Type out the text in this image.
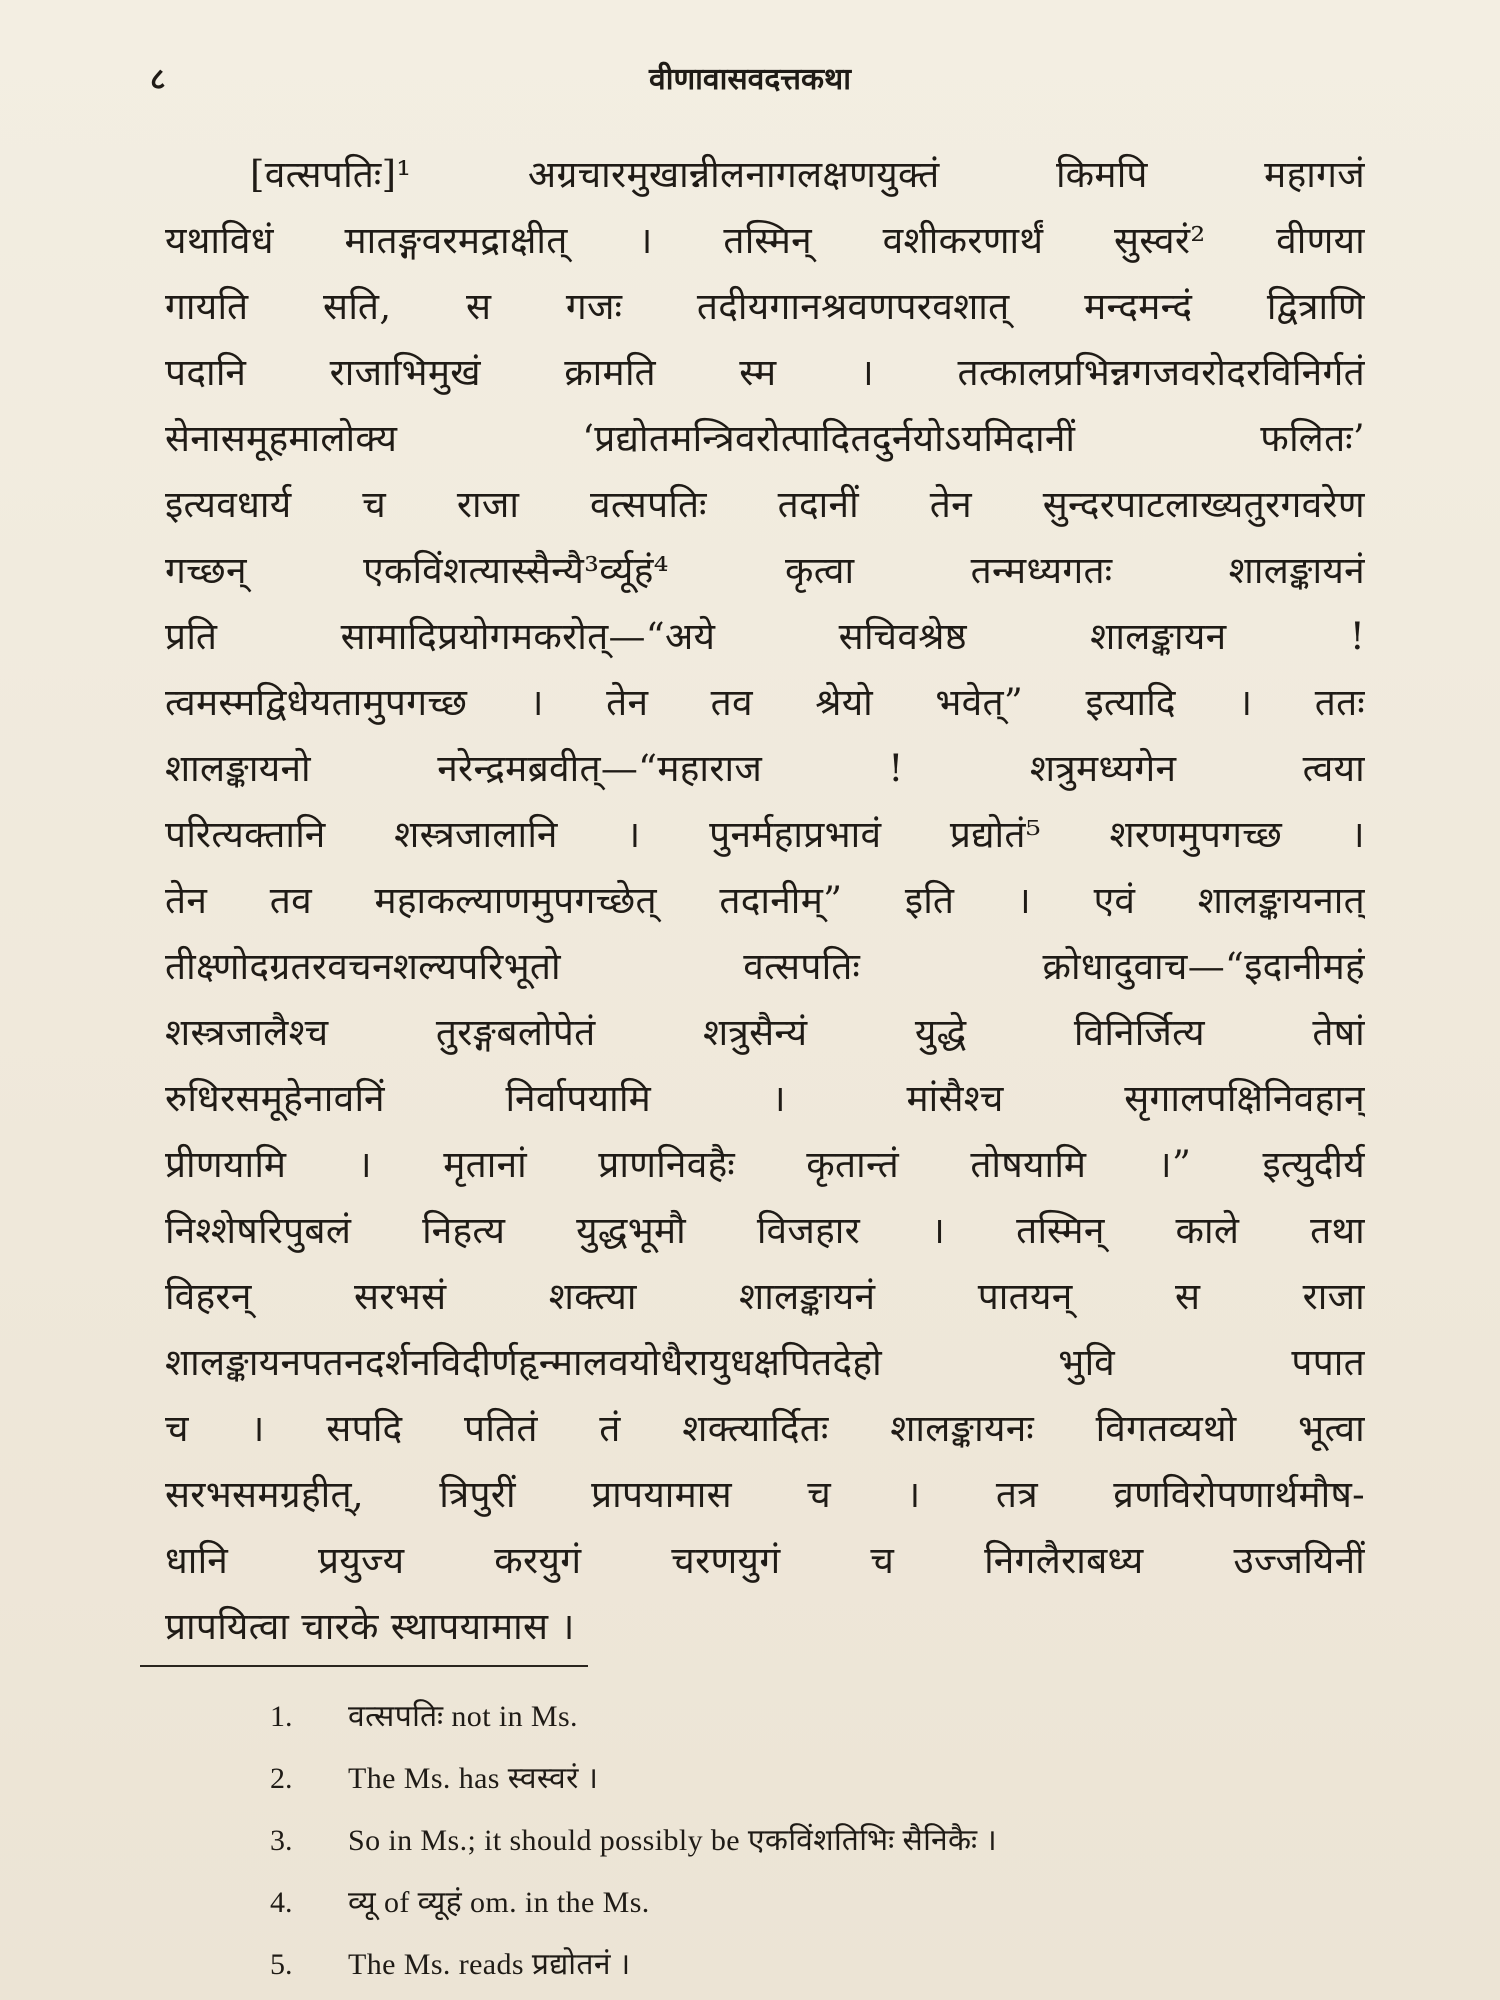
८	वीणावासवदत्तकथा
[वत्सपतिः]¹ अग्रचारमुखान्नीलनागलक्षणयुक्तं किमपि महागजं
यथाविधं मातङ्गवरमद्राक्षीत् । तस्मिन् वशीकरणार्थं सुस्वरं² वीणया
गायति सति, स गजः तदीयगानश्रवणपरवशात् मन्दमन्दं द्वित्राणि
पदानि राजाभिमुखं क्रामति स्म । तत्कालप्रभिन्नगजवरोदरविनिर्गतं
सेनासमूहमालोक्य ‘प्रद्योतमन्त्रिवरोत्पादितदुर्नयोऽयमिदानीं फलितः’
इत्यवधार्य च राजा वत्सपतिः तदानीं तेन सुन्दरपाटलाख्यतुरगवरेण
गच्छन् एकविंशत्यास्सैन्यै³र्व्यूहं⁴ कृत्वा तन्मध्यगतः शालङ्कायनं
प्रति सामादिप्रयोगमकरोत्—“अये सचिवश्रेष्ठ शालङ्कायन !
त्वमस्मद्विधेयतामुपगच्छ । तेन तव श्रेयो भवेत्” इत्यादि । ततः
शालङ्कायनो नरेन्द्रमब्रवीत्—“महाराज ! शत्रुमध्यगेन त्वया
परित्यक्तानि शस्त्रजालानि । पुनर्महाप्रभावं प्रद्योतं⁵ शरणमुपगच्छ ।
तेन तव महाकल्याणमुपगच्छेत् तदानीम्” इति । एवं शालङ्कायनात्
तीक्ष्णोदग्रतरवचनशल्यपरिभूतो वत्सपतिः क्रोधादुवाच—“इदानीमहं
शस्त्रजालैश्च तुरङ्गबलोपेतं शत्रुसैन्यं युद्धे विनिर्जित्य तेषां
रुधिरसमूहेनावनिं निर्वापयामि । मांसैश्च सृगालपक्षिनिवहान्
प्रीणयामि । मृतानां प्राणनिवहैः कृतान्तं तोषयामि ।” इत्युदीर्य
निश्शेषरिपुबलं निहत्य युद्धभूमौ विजहार । तस्मिन् काले तथा
विहरन् सरभसं शक्त्या शालङ्कायनं पातयन् स राजा
शालङ्कायनपतनदर्शनविदीर्णहृन्मालवयोधैरायुधक्षपितदेहो भुवि पपात
च । सपदि पतितं तं शक्त्यार्दितः शालङ्कायनः विगतव्यथो भूत्वा
सरभसमग्रहीत्, त्रिपुरीं प्रापयामास च । तत्र व्रणविरोपणार्थमौष-
धानि प्रयुज्य करयुगं चरणयुगं च निगलैराबध्य उज्जयिनीं
प्रापयित्वा चारके स्थापयामास ।
1. वत्सपतिः not in Ms.
2. The Ms. has स्वस्वरं ।
3. So in Ms.; it should possibly be एकविंशतिभिः सैनिकैः ।
4. व्यू of व्यूहं om. in the Ms.
5. The Ms. reads प्रद्योतनं ।
